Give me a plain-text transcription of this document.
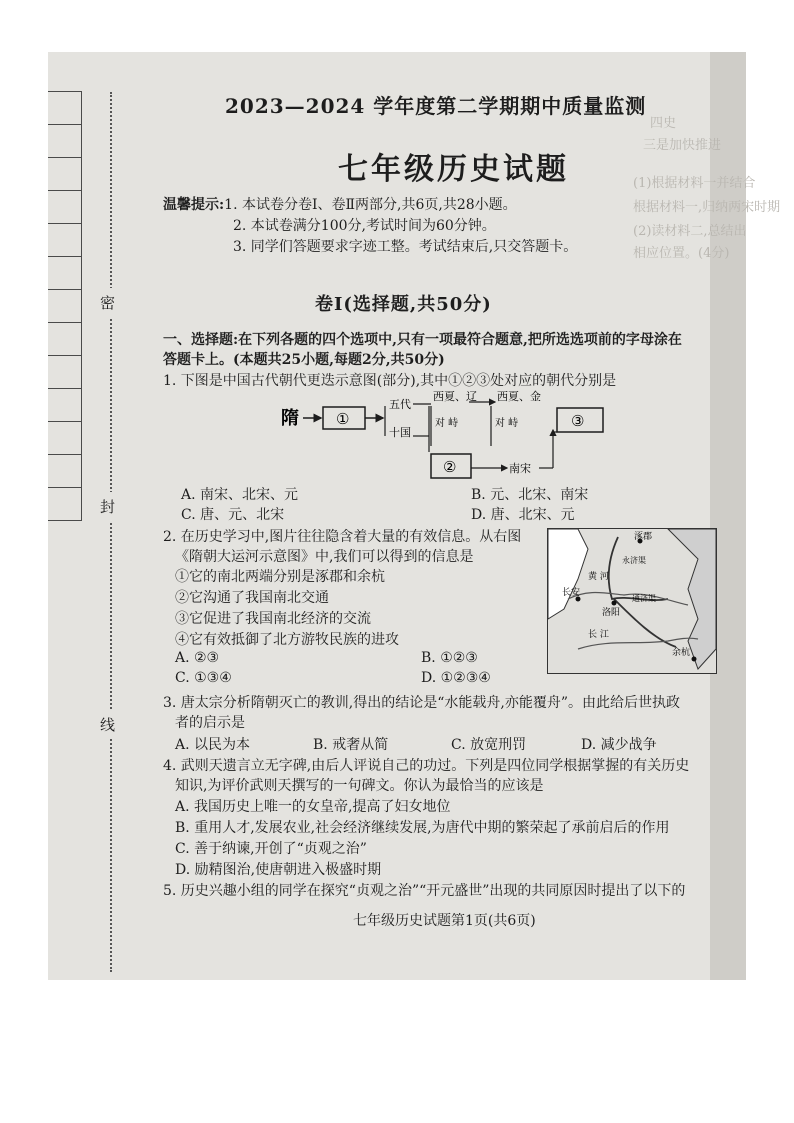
四史
三是加快推进
(1)根据材料一并结合
根据材料一,归纳两宋时期
(2)读材料二,总结出
相应位置。(4分)
密
封
线
2023—2024 学年度第二学期期中质量监测
七年级历史试题
温馨提示:1. 本试卷分卷Ⅰ、卷Ⅱ两部分,共6页,共28小题。
2. 本试卷满分100分,考试时间为60分钟。
3. 同学们答题要求字迹工整。考试结束后,只交答题卡。
卷Ⅰ(选择题,共50分)
一、选择题:在下列各题的四个选项中,只有一项最符合题意,把所选选项前的字母涂在
答题卡上。(本题共25小题,每题2分,共50分)
1. 下图是中国古代朝代更迭示意图(部分),其中①②③处对应的朝代分别是
隋 ①
五代
十国
西夏、辽
对 峙
②
西夏、金
对 峙
南宋
③
A. 南宋、北宋、元	B. 元、北宋、南宋
C. 唐、元、北宋	D. 唐、北宋、元
2. 在历史学习中,图片往往隐含着大量的有效信息。从右图
《隋朝大运河示意图》中,我们可以得到的信息是
①它的南北两端分别是涿郡和余杭
②它沟通了我国南北交通
③它促进了我国南北经济的交流
④它有效抵御了北方游牧民族的进攻
A. ②③	B. ①②③
C. ①③④	D. ①②③④
涿郡
永济渠
长安
洛阳
通济渠
余杭
黄 河
长 江
3. 唐太宗分析隋朝灭亡的教训,得出的结论是“水能载舟,亦能覆舟”。由此给后世执政
者的启示是
A. 以民为本	B. 戒奢从简	C. 放宽刑罚	D. 减少战争
4. 武则天遗言立无字碑,由后人评说自己的功过。下列是四位同学根据掌握的有关历史
知识,为评价武则天撰写的一句碑文。你认为最恰当的应该是
A. 我国历史上唯一的女皇帝,提高了妇女地位
B. 重用人才,发展农业,社会经济继续发展,为唐代中期的繁荣起了承前启后的作用
C. 善于纳谏,开创了“贞观之治”
D. 励精图治,使唐朝进入极盛时期
5. 历史兴趣小组的同学在探究“贞观之治”“开元盛世”出现的共同原因时提出了以下的
七年级历史试题第1页(共6页)
